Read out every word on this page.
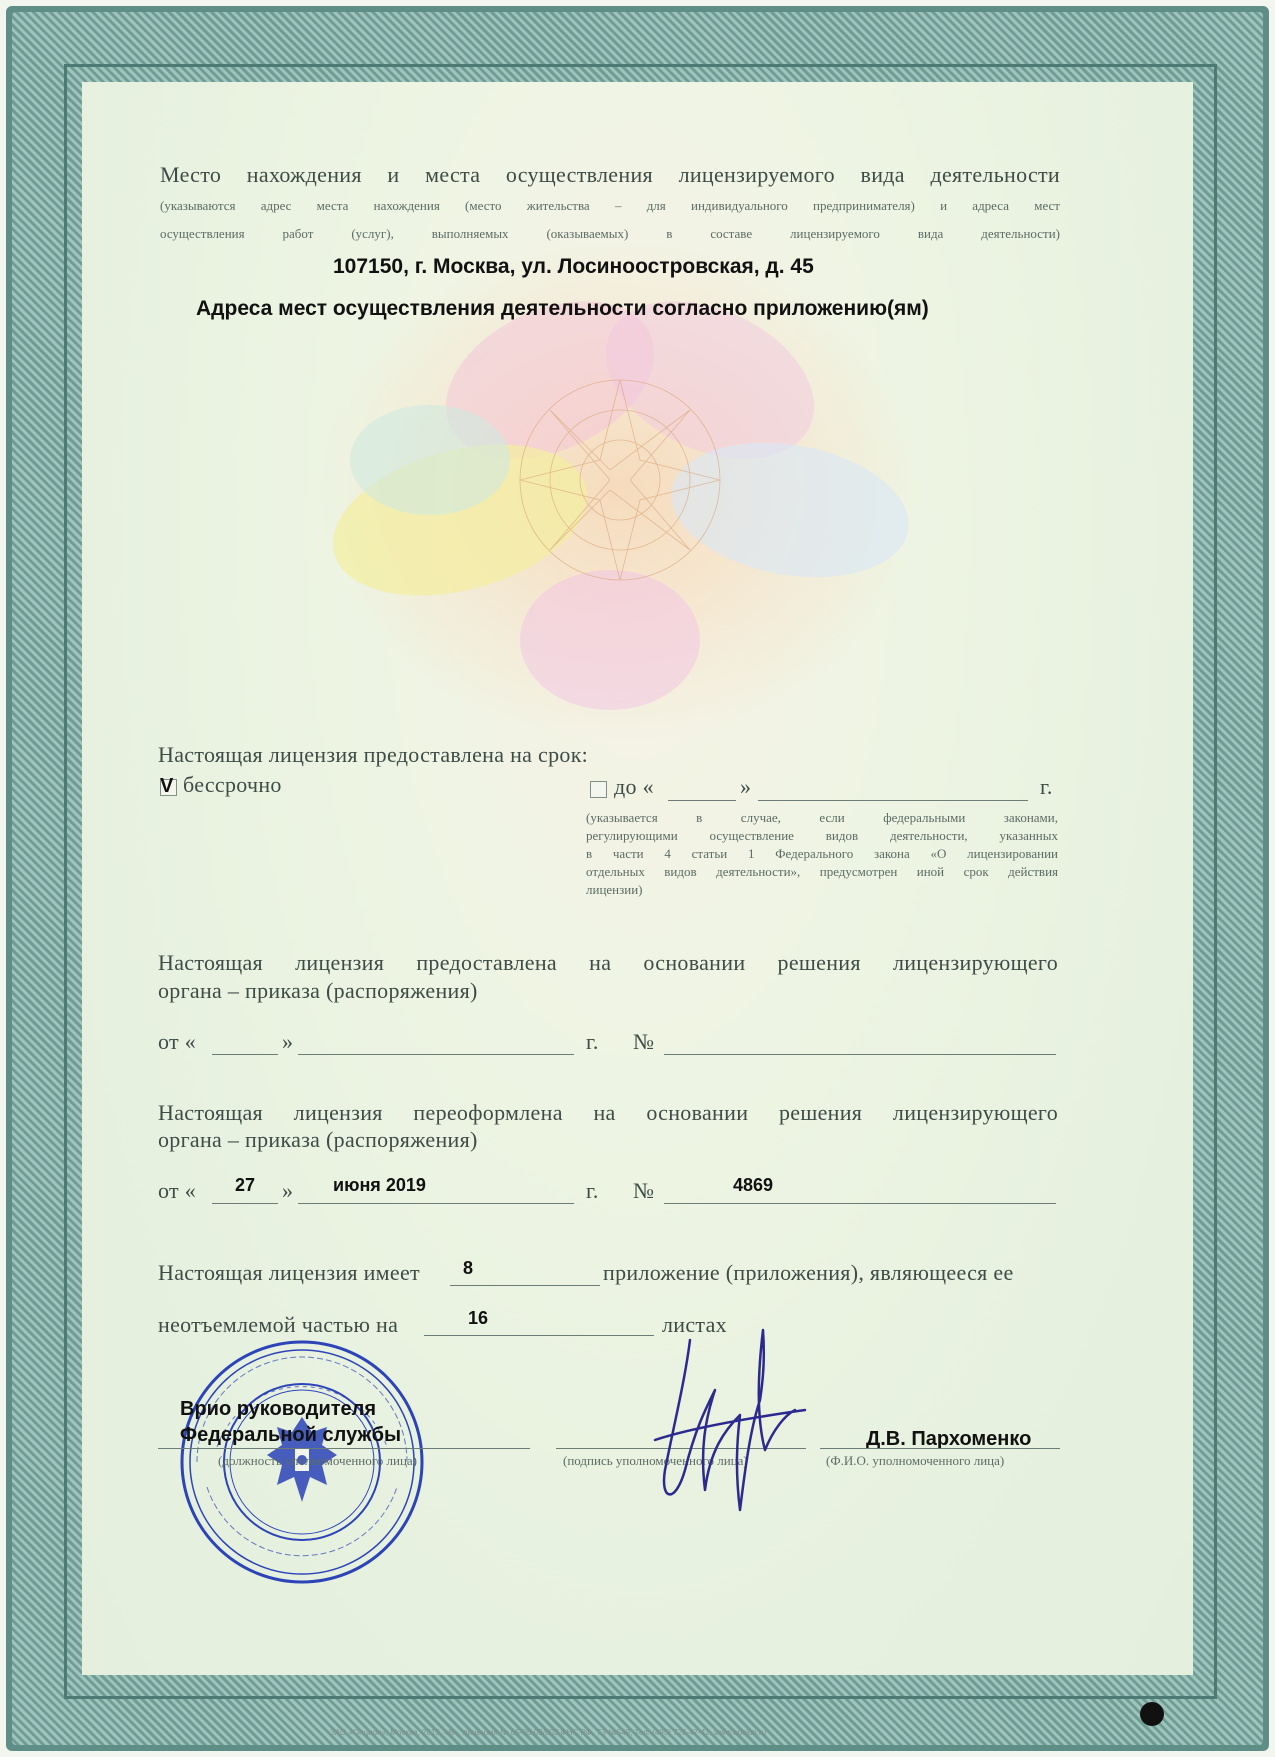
Место нахождения и места осуществления лицензируемого вида деятельности
(указываются адрес места нахождения (место жительства – для индивидуального предпринимателя) и адреса мест
осуществления работ (услуг), выполняемых (оказываемых) в составе лицензируемого вида деятельности)
107150, г. Москва, ул. Лосиноостровская, д. 45
Адреса мест осуществления деятельности согласно приложению(ям)
Настоящая лицензия предоставлена на срок:
V бессрочно	до «	»	г.
(указывается в случае, если федеральными законами,
регулирующими осуществление видов деятельности, указанных
в части 4 статьи 1 Федерального закона «О лицензировании
отдельных видов деятельности», предусмотрен иной срок действия
лицензии)
Настоящая лицензия предоставлена на основании решения лицензирующего
органа – приказа (распоряжения)
от «	»	г. №
Настоящая лицензия переоформлена на основании решения лицензирующего
органа – приказа (распоряжения)
от « 27 » июня 2019	г. №	4869
Настоящая лицензия имеет 8	приложение (приложения), являющееся ее
неотъемлемой частью на	16	листах
Врио руководителя
Федеральной службы
(должность уполномоченного лица)	(подпись уполномоченного лица)
Д.В. Пархоменко
(Ф.И.О. уполномоченного лица)
ЗАО «Опцион», Москва, 2015, «Б», лицензия № 05-05-09/003 ФНС РФ, ТЗ №549, Тел. (495) 726-47-42, www.opcion.ru
